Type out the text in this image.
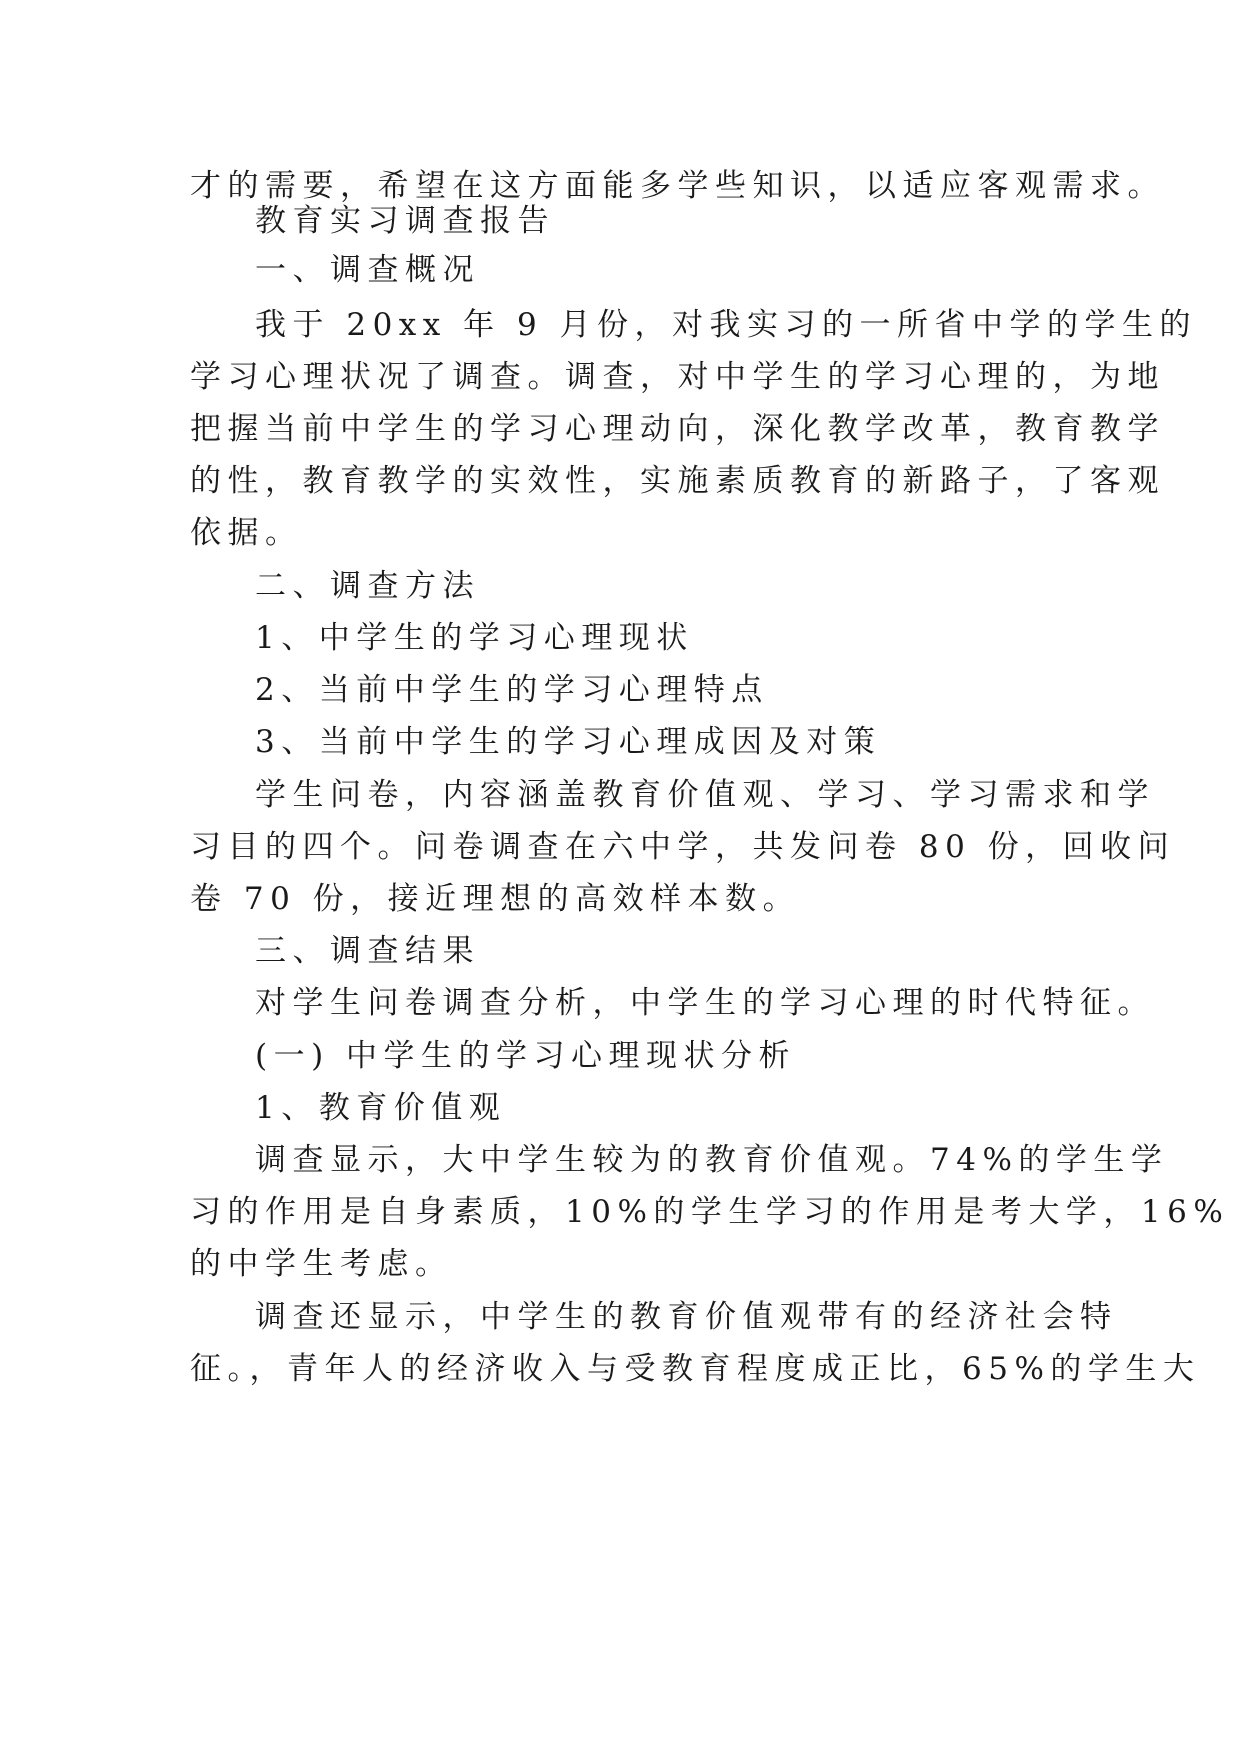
才的需要，希望在这方面能多学些知识，以适应客观需求。
教育实习调查报告
一、调查概况
我于 20xx 年 9 月份，对我实习的一所省中学的学生的
学习心理状况了调查。调查，对中学生的学习心理的，为地
把握当前中学生的学习心理动向，深化教学改革，教育教学
的性，教育教学的实效性，实施素质教育的新路子，了客观
依据。
二、调查方法
1、中学生的学习心理现状
2、当前中学生的学习心理特点
3、当前中学生的学习心理成因及对策
学生问卷，内容涵盖教育价值观、学习、学习需求和学
习目的四个。问卷调查在六中学，共发问卷 80 份，回收问
卷 70 份，接近理想的高效样本数。
三、调查结果
对学生问卷调查分析，中学生的学习心理的时代特征。
(一) 中学生的学习心理现状分析
1、教育价值观
调查显示，大中学生较为的教育价值观。74%的学生学
习的作用是自身素质，10%的学生学习的作用是考大学，16%
的中学生考虑。
调查还显示，中学生的教育价值观带有的经济社会特
征。，青年人的经济收入与受教育程度成正比，65%的学生大
